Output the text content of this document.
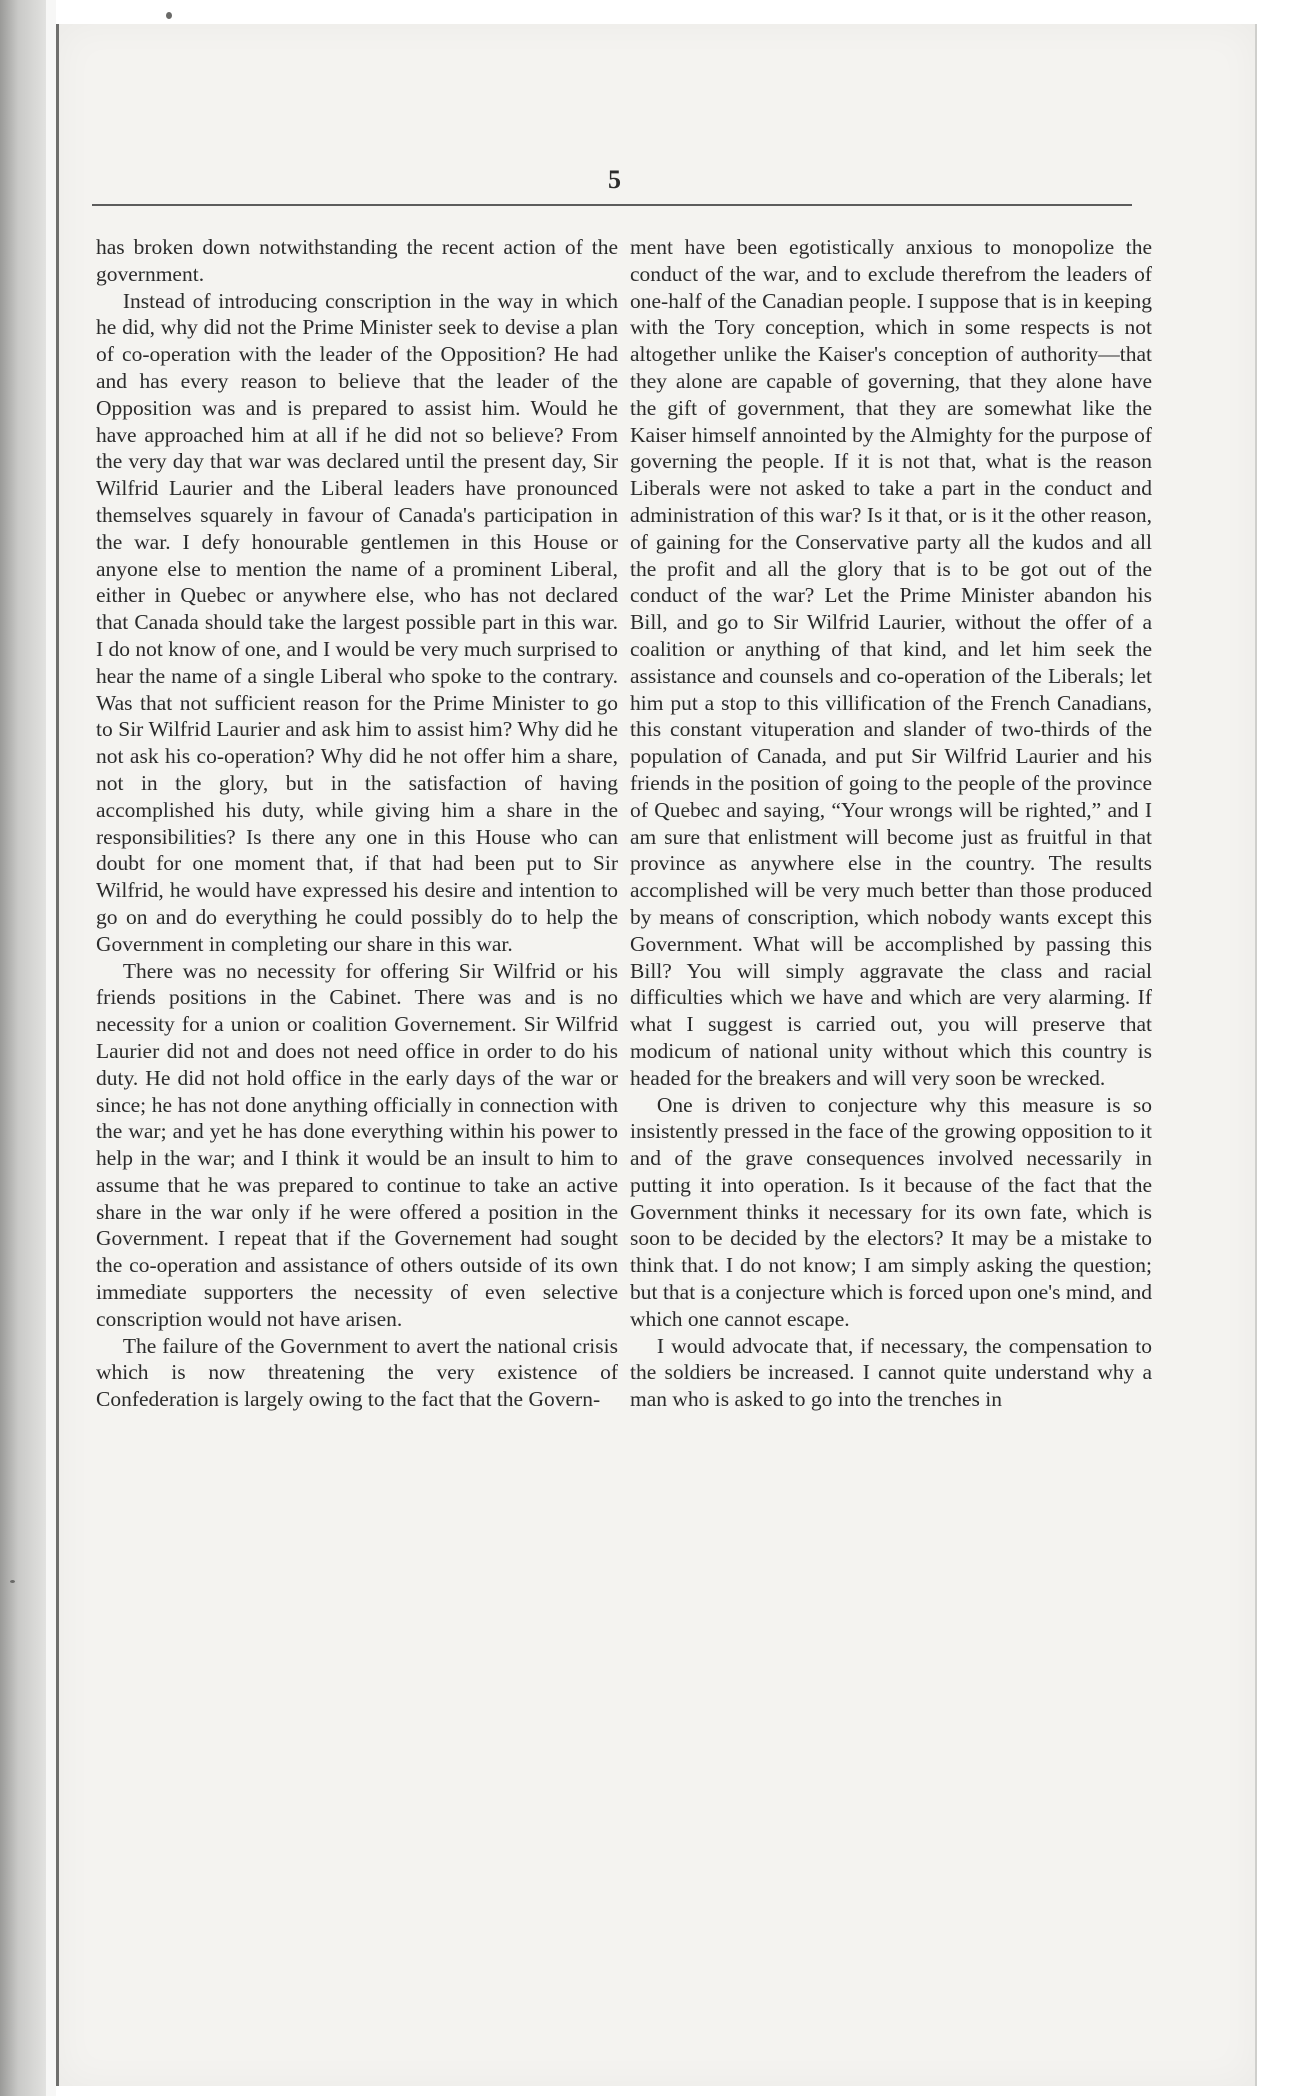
5

has broken down notwithstanding the recent action of the government.

Instead of introducing conscription in the way in which he did, why did not the Prime Minister seek to devise a plan of co-operation with the leader of the Opposition? He had and has every reason to believe that the leader of the Opposition was and is prepared to assist him. Would he have approached him at all if he did not so believe? From the very day that war was declared until the present day, Sir Wilfrid Laurier and the Liberal leaders have pronounced themselves squarely in favour of Canada's participation in the war. I defy honourable gentlemen in this House or anyone else to mention the name of a prominent Liberal, either in Quebec or anywhere else, who has not declared that Canada should take the largest possible part in this war. I do not know of one, and I would be very much surprised to hear the name of a single Liberal who spoke to the contrary. Was that not sufficient reason for the Prime Minister to go to Sir Wilfrid Laurier and ask him to assist him? Why did he not ask his co-operation? Why did he not offer him a share, not in the glory, but in the satisfaction of having accomplished his duty, while giving him a share in the responsibilities? Is there any one in this House who can doubt for one moment that, if that had been put to Sir Wilfrid, he would have expressed his desire and intention to go on and do everything he could possibly do to help the Government in completing our share in this war.

There was no necessity for offering Sir Wilfrid or his friends positions in the Cabinet. There was and is no necessity for a union or coalition Governement. Sir Wilfrid Laurier did not and does not need office in order to do his duty. He did not hold office in the early days of the war or since; he has not done anything officially in connection with the war; and yet he has done everything within his power to help in the war; and I think it would be an insult to him to assume that he was prepared to continue to take an active share in the war only if he were offered a position in the Government. I repeat that if the Governement had sought the co-operation and assistance of others outside of its own immediate supporters the necessity of even selective conscription would not have arisen.

The failure of the Government to avert the national crisis which is now threatening the very existence of Confederation is largely owing to the fact that the Govern-

ment have been egotistically anxious to monopolize the conduct of the war, and to exclude therefrom the leaders of one-half of the Canadian people. I suppose that is in keeping with the Tory conception, which in some respects is not altogether unlike the Kaiser's conception of authority—that they alone are capable of governing, that they alone have the gift of government, that they are somewhat like the Kaiser himself annointed by the Almighty for the purpose of governing the people. If it is not that, what is the reason Liberals were not asked to take a part in the conduct and administration of this war? Is it that, or is it the other reason, of gaining for the Conservative party all the kudos and all the profit and all the glory that is to be got out of the conduct of the war? Let the Prime Minister abandon his Bill, and go to Sir Wilfrid Laurier, without the offer of a coalition or anything of that kind, and let him seek the assistance and counsels and co-operation of the Liberals; let him put a stop to this villification of the French Canadians, this constant vituperation and slander of two-thirds of the population of Canada, and put Sir Wilfrid Laurier and his friends in the position of going to the people of the province of Quebec and saying, “Your wrongs will be righted,” and I am sure that enlistment will become just as fruitful in that province as anywhere else in the country. The results accomplished will be very much better than those produced by means of conscription, which nobody wants except this Government. What will be accomplished by passing this Bill? You will simply aggravate the class and racial difficulties which we have and which are very alarming. If what I suggest is carried out, you will preserve that modicum of national unity without which this country is headed for the breakers and will very soon be wrecked.

One is driven to conjecture why this measure is so insistently pressed in the face of the growing opposition to it and of the grave consequences involved necessarily in putting it into operation. Is it because of the fact that the Government thinks it necessary for its own fate, which is soon to be decided by the electors? It may be a mistake to think that. I do not know; I am simply asking the question; but that is a conjecture which is forced upon one's mind, and which one cannot escape.

I would advocate that, if necessary, the compensation to the soldiers be increased. I cannot quite understand why a man who is asked to go into the trenches in
